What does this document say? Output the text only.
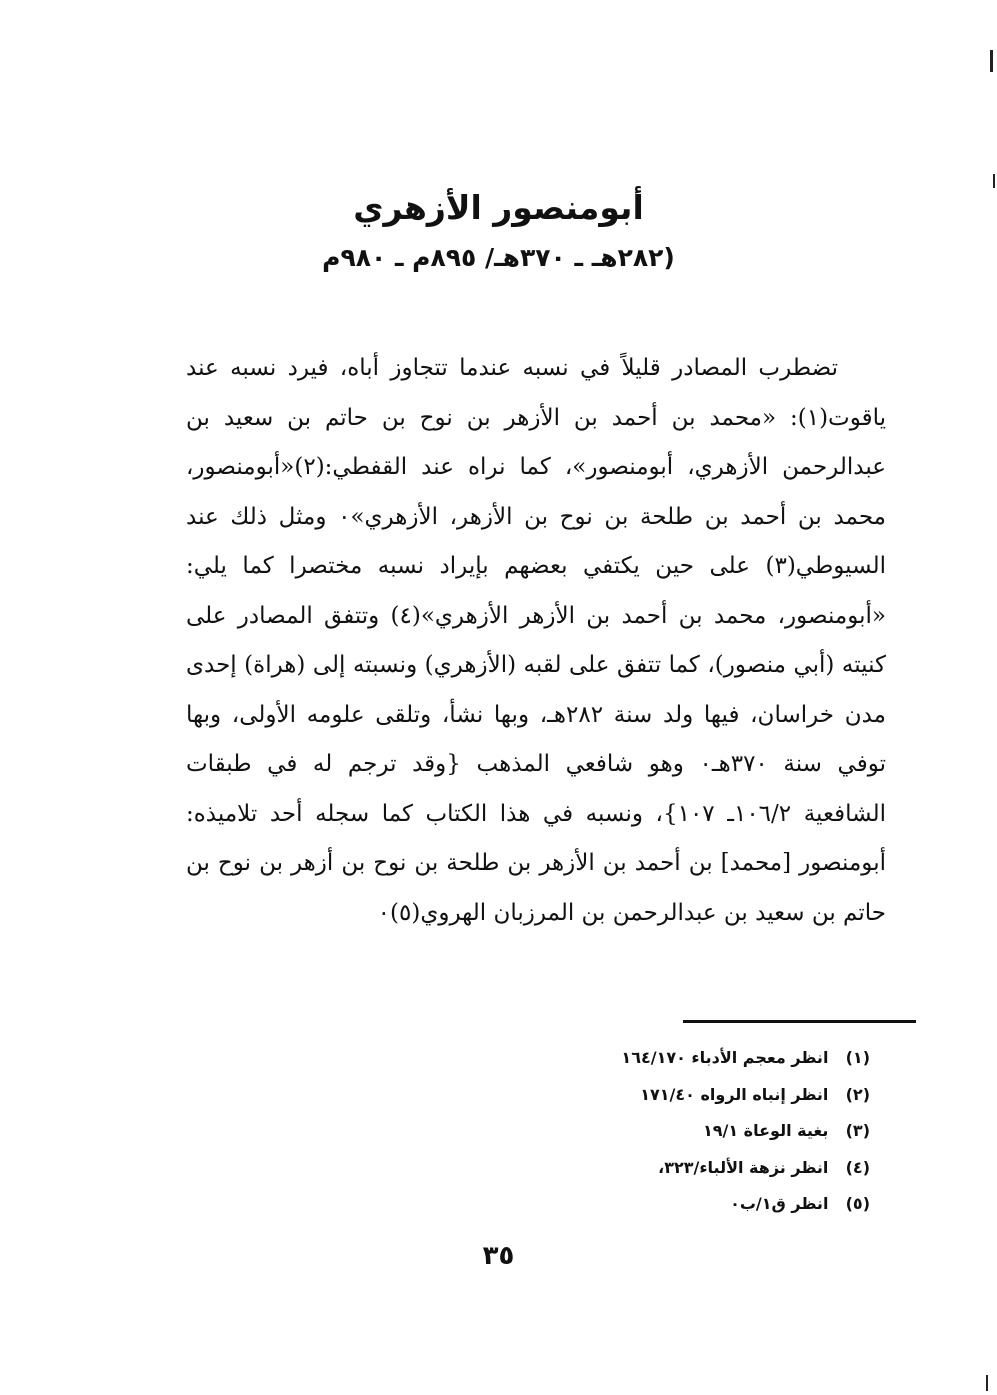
أبومنصور الأزهري
(٢٨٢هـ ـ ٣٧٠هـ/ ٨٩٥م ـ ٩٨٠م

تضطرب المصادر قليلاً في نسبه عندما تتجاوز أباه، فيرد نسبه عند ياقوت(١): «محمد بن أحمد بن الأزهر بن نوح بن حاتم بن سعيد بن عبدالرحمن الأزهري، أبومنصور»، كما نراه عند القفطي:(٢)«أبومنصور، محمد بن أحمد بن طلحة بن نوح بن الأزهر، الأزهري»٠ ومثل ذلك عند السيوطي(٣) على حين يكتفي بعضهم بإيراد نسبه مختصرا كما يلي: «أبومنصور، محمد بن أحمد بن الأزهر الأزهري»(٤) وتتفق المصادر على كنيته (أبي منصور)، كما تتفق على لقبه (الأزهري) ونسبته إلى (هراة) إحدى مدن خراسان، فيها ولد سنة ٢٨٢هـ، وبها نشأ، وتلقى علومه الأولى، وبها توفي سنة ٣٧٠هـ٠ وهو شافعي المذهب {وقد ترجم له في طبقات الشافعية ١٠٦/٢ـ ١٠٧}، ونسبه في هذا الكتاب كما سجله أحد تلاميذه: أبومنصور [محمد] بن أحمد بن الأزهر بن طلحة بن نوح بن أزهر بن نوح بن حاتم بن سعيد بن عبدالرحمن بن المرزبان الهروي(٥)٠

(١) انظر معجم الأدباء ١٦٤/١٧٠
(٢) انظر إنباه الرواه ١٧١/٤٠
(٣) بغية الوعاة ١٩/١
(٤) انظر نزهة الألباء/٣٢٣،
(٥) انظر ق١/ب٠
٣٥
